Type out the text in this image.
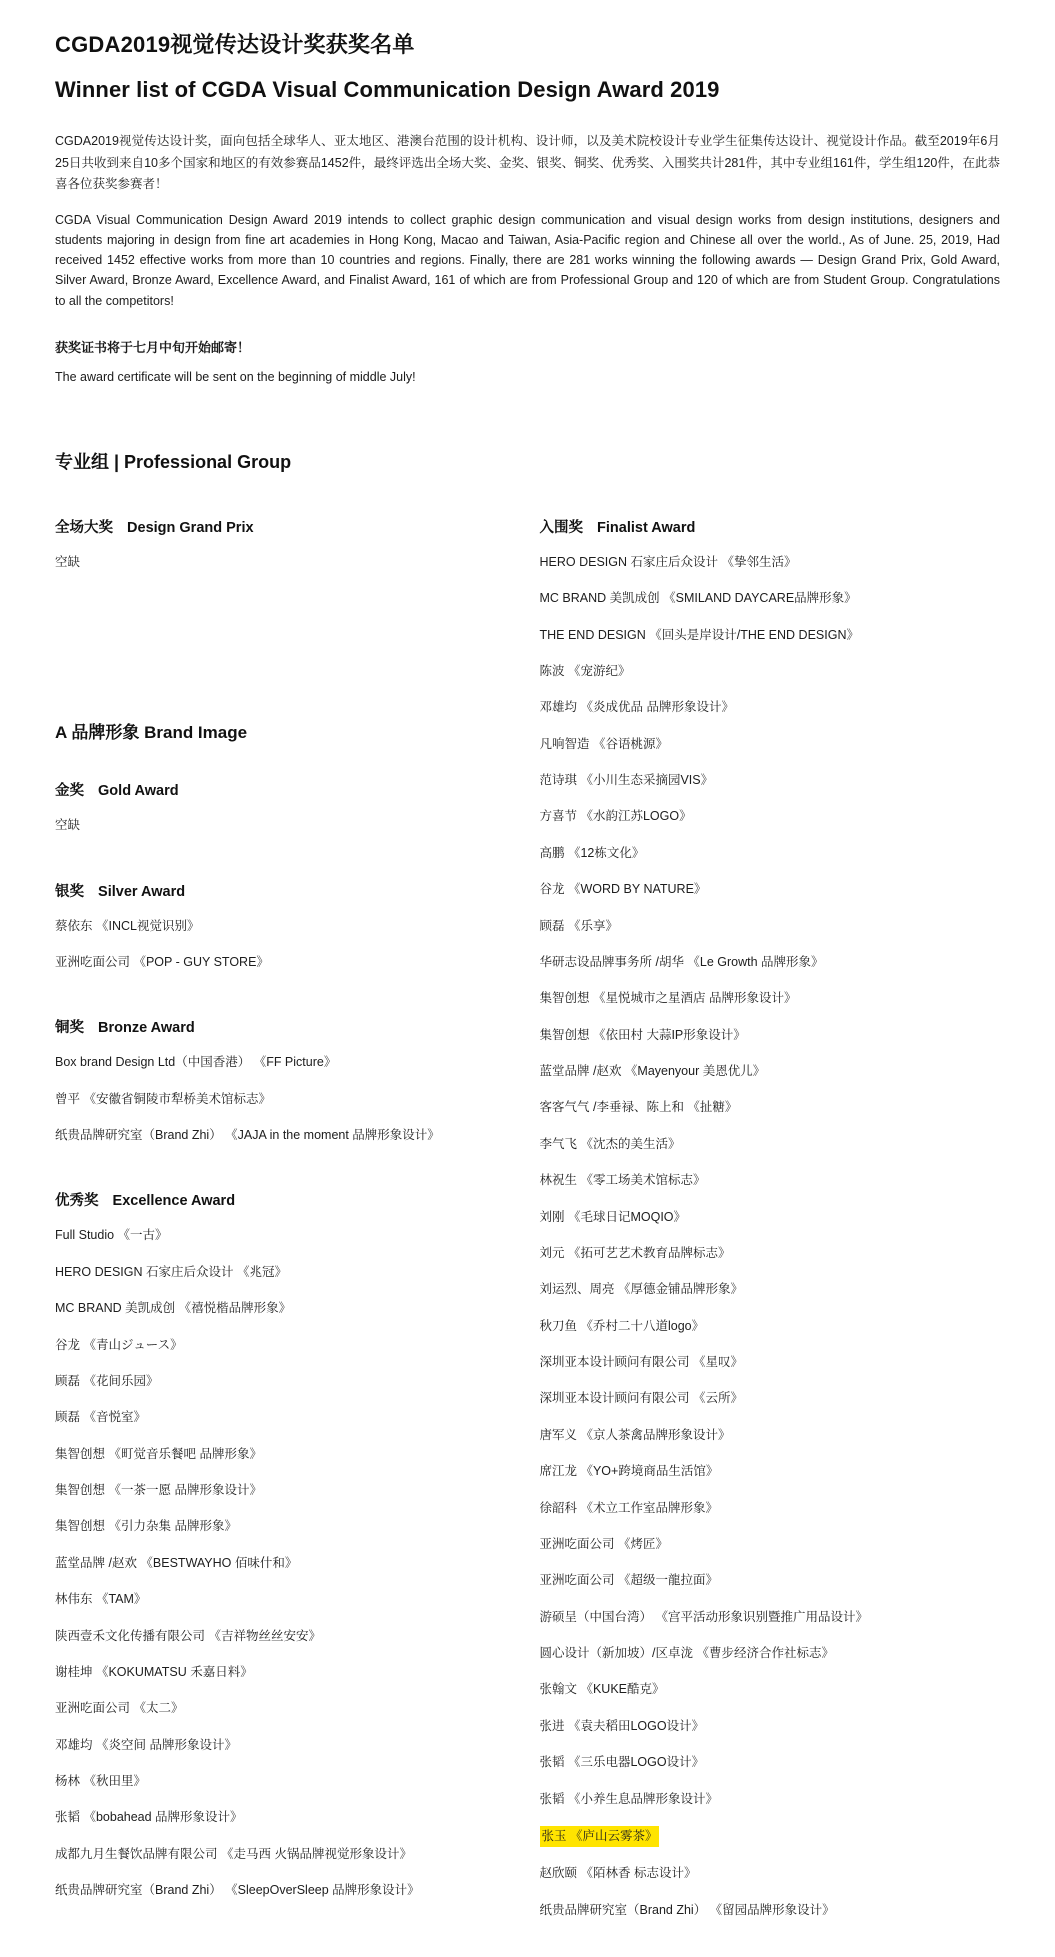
CGDA2019视觉传达设计奖获奖名单
Winner list of CGDA Visual Communication Design Award 2019

CGDA2019视觉传达设计奖，面向包括全球华人、亚太地区、港澳台范围的设计机构、设计师，以及美术院校设计专业学生征集传达设计、视觉设计作品。截至2019年6月25日共收到来自10多个国家和地区的有效参赛品1452件，最终评选出全场大奖、金奖、银奖、铜奖、优秀奖、入围奖共计281件，其中专业组161件，学生组120件，在此恭喜各位获奖参赛者！

CGDA Visual Communication Design Award 2019 intends to collect graphic design communication and visual design works from design institutions, designers and students majoring in design from fine art academies in Hong Kong, Macao and Taiwan, Asia-Pacific region and Chinese all over the world., As of June. 25, 2019, Had received 1452 effective works from more than 10 countries and regions. Finally, there are 281 works winning the following awards — Design Grand Prix, Gold Award, Silver Award, Bronze Award, Excellence Award, and Finalist Award, 161 of which are from Professional Group and 120 of which are from Student Group. Congratulations to all the competitors!

获奖证书将于七月中旬开始邮寄！

The award certificate will be sent on the beginning of middle July!

专业组 | Professional Group
全场大奖 Design Grand Prix
空缺
A 品牌形象 Brand Image
金奖 Gold Award
空缺
银奖 Silver Award
蔡依东 《INCL视觉识别》
亚洲吃面公司 《POP - GUY STORE》
铜奖 Bronze Award
Box brand Design Ltd（中国香港） 《FF Picture》
曾平 《安徽省铜陵市犁桥美术馆标志》
纸贵品牌研究室（Brand Zhi） 《JAJA in the moment 品牌形象设计》
优秀奖 Excellence Award
Full Studio 《一古》
HERO DESIGN 石家庄后众设计 《兆冠》
MC BRAND 美凯成创 《禧悦楷品牌形象》
谷龙 《青山ジュース》
顾磊 《花间乐园》
顾磊 《音悦室》
集智创想 《町觉音乐餐吧 品牌形象》
集智创想 《一茶一愿 品牌形象设计》
集智创想 《引力杂集 品牌形象》
蓝堂品牌 /赵欢 《BESTWAYHO 佰味什和》
林伟东 《TAM》
陕西壹禾文化传播有限公司 《吉祥物丝丝安安》
谢桂坤 《KOKUMATSU 禾嘉日料》
亚洲吃面公司 《太二》
邓雄均 《炎空间 品牌形象设计》
杨林 《秋田里》
张韬 《bobahead 品牌形象设计》
成都九月生餐饮品牌有限公司 《走马西 火锅品牌视觉形象设计》
纸贵品牌研究室（Brand Zhi） 《SleepOverSleep 品牌形象设计》
入围奖 Finalist Award
HERO DESIGN 石家庄后众设计 《挚邻生活》
MC BRAND 美凯成创 《SMILAND DAYCARE品牌形象》
THE END DESIGN 《回头是岸设计/THE END DESIGN》
陈波 《宠游纪》
邓雄均 《炎成优品 品牌形象设计》
凡响智造 《谷语桃源》
范诗琪 《小川生态采摘园VIS》
方喜节 《水韵江苏LOGO》
高鹏 《12栋文化》
谷龙 《WORD BY NATURE》
顾磊 《乐享》
华研志设品牌事务所 /胡华 《Le Growth 品牌形象》
集智创想 《星悦城市之星酒店 品牌形象设计》
集智创想 《依田村 大蒜IP形象设计》
蓝堂品牌 /赵欢 《Mayenyour 美恩优儿》
客客气气 /李垂禄、陈上和 《扯糖》
李气飞 《沈杰的美生活》
林祝生 《零工场美术馆标志》
刘刚 《毛球日记MOQIO》
刘元 《拓可艺艺术教育品牌标志》
刘运烈、周亮 《厚德金铺品牌形象》
秋刀鱼 《乔村二十八道logo》
深圳亚本设计顾问有限公司 《星叹》
深圳亚本设计顾问有限公司 《云所》
唐军义 《京人茶禽品牌形象设计》
席江龙 《YO+跨境商品生活馆》
徐韶科 《术立工作室品牌形象》
亚洲吃面公司 《烤匠》
亚洲吃面公司 《超级一龍拉面》
游硕呈（中国台湾） 《宫平活动形象识别暨推广用品设计》
圆心设计（新加坡）/区卓泷 《曹步经济合作社标志》
张翰文 《KUKE酷克》
张进 《袁夫稻田LOGO设计》
张韬 《三乐电器LOGO设计》
张韬 《小养生息品牌形象设计》
张玉 《庐山云雾茶》
赵欣颐 《陌林香 标志设计》
纸贵品牌研究室（Brand Zhi） 《留园品牌形象设计》
